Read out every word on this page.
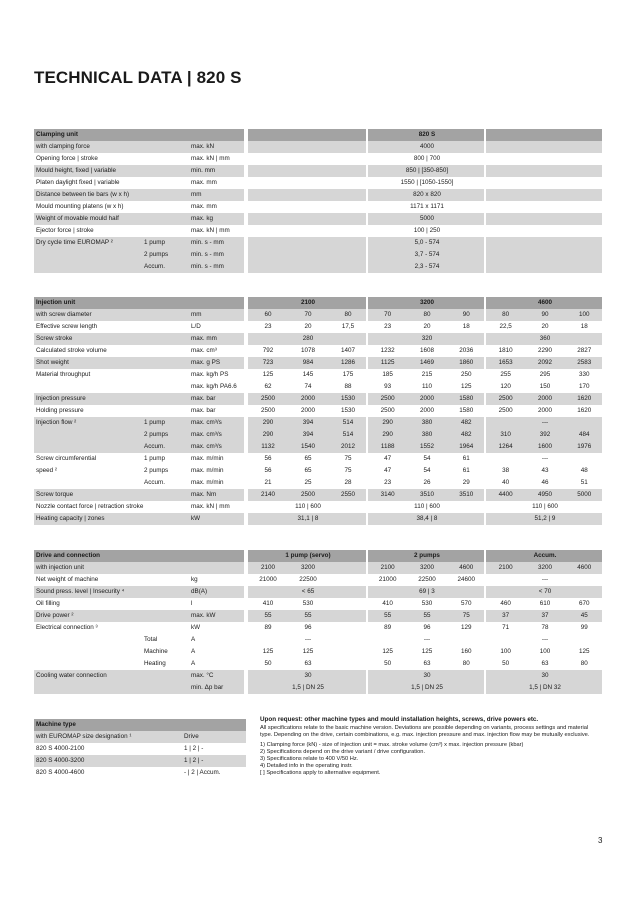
TECHNICAL DATA | 820 S
Clamping unit	820 S
with clamping force	max. kN	4000
Opening force | stroke	max. kN | mm	800 | 700
Mould height, fixed | variable	min. mm	850 | [350-850]
Platen daylight fixed | variable	max. mm	1550 | [1050-1550]
Distance between tie bars (w x h)	mm	820 x 820
Mould mounting platens (w x h)	max. mm	1171 x 1171
Weight of movable mould half	max. kg	5000
Ejector force | stroke	max. kN | mm	100 | 250
Dry cycle time EUROMAP ²	1 pump	min. s - mm	5,0 - 574
2 pumps	min. s - mm	3,7 - 574
Accum.	min. s - mm	2,3 - 574
Injection unit	2100	3200	4600
with screw diameter	mm	60	70	80	70	80	90	80	90	100
Effective screw length	L/D	23	20	17,5	23	20	18	22,5	20	18
Screw stroke	max. mm	280	320	360
Calculated stroke volume	max. cm³	792	1078	1407	1232	1608	2036	1810	2290	2827
Shot weight	max. g PS	723	984	1286	1125	1469	1860	1653	2092	2583
Material throughput	max. kg/h PS	125	145	175	185	215	250	255	295	330
max. kg/h PA6.6	62	74	88	93	110	125	120	150	170
Injection pressure	max. bar	2500	2000	1530	2500	2000	1580	2500	2000	1620
Holding pressure	max. bar	2500	2000	1530	2500	2000	1580	2500	2000	1620
Injection flow ²	1 pump	max. cm³/s	290	394	514	290	380	482	---
2 pumps	max. cm³/s	290	394	514	290	380	482	310	392	484
Accum.	max. cm³/s	1132	1540	2012	1188	1552	1964	1264	1600	1976
Screw circumferential	1 pump	max. m/min	56	65	75	47	54	61	---
speed ²	2 pumps	max. m/min	56	65	75	47	54	61	38	43	48
Accum.	max. m/min	21	25	28	23	26	29	40	46	51
Screw torque	max. Nm	2140	2500	2550	3140	3510	3510	4400	4950	5000
Nozzle contact force | retraction stroke	max. kN | mm	110 | 600	110 | 600	110 | 600
Heating capacity | zones	kW	31,1 | 8	38,4 | 8	51,2 | 9
Drive and connection	1 pump (servo)	2 pumps	Accum.
with injection unit	2100	3200	2100	3200	4600	2100	3200	4600
Net weight of machine	kg	21000	22500	21000	22500	24600	---
Sound press. level | Insecurity ⁴	dB(A)	< 65	69 | 3	< 70
Oil filling	l	410	530	410	530	570	460	610	670
Drive power ²	max. kW	55	55	55	55	75	37	37	45
Electrical connection ³	kW	89	96	89	96	129	71	78	99
Total	A	---	---	---
Machine	A	125	125	125	125	160	100	100	125
Heating	A	50	63	50	63	80	50	63	80
Cooling water connection	max. °C	30	30	30
min. Δp bar	1,5 | DN 25	1,5 | DN 25	1,5 | DN 32
Machine type
with EUROMAP size designation ¹	Drive
820 S 4000-2100	1 | 2 | -
820 S 4000-3200	1 | 2 | -
820 S 4000-4600	- | 2 | Accum.

Upon request: other machine types and mould installation heights, screws, drive powers etc.

All specifications relate to the basic machine version. Deviations are possible depending on variants, process settings and material type. Depending on the drive, certain combinations, e.g. max. injection pressure and max. injection flow may be mutually exclusive.

1) Clamping force (kN) - size of injection unit = max. stroke volume (cm³) x max. injection pressure (kbar)
2) Specifications depend on the drive variant / drive configuration.
3) Specifications relate to 400 V/50 Hz.
4) Detailed info in the operating instr.
[ ] Specifications apply to alternative equipment.
3
